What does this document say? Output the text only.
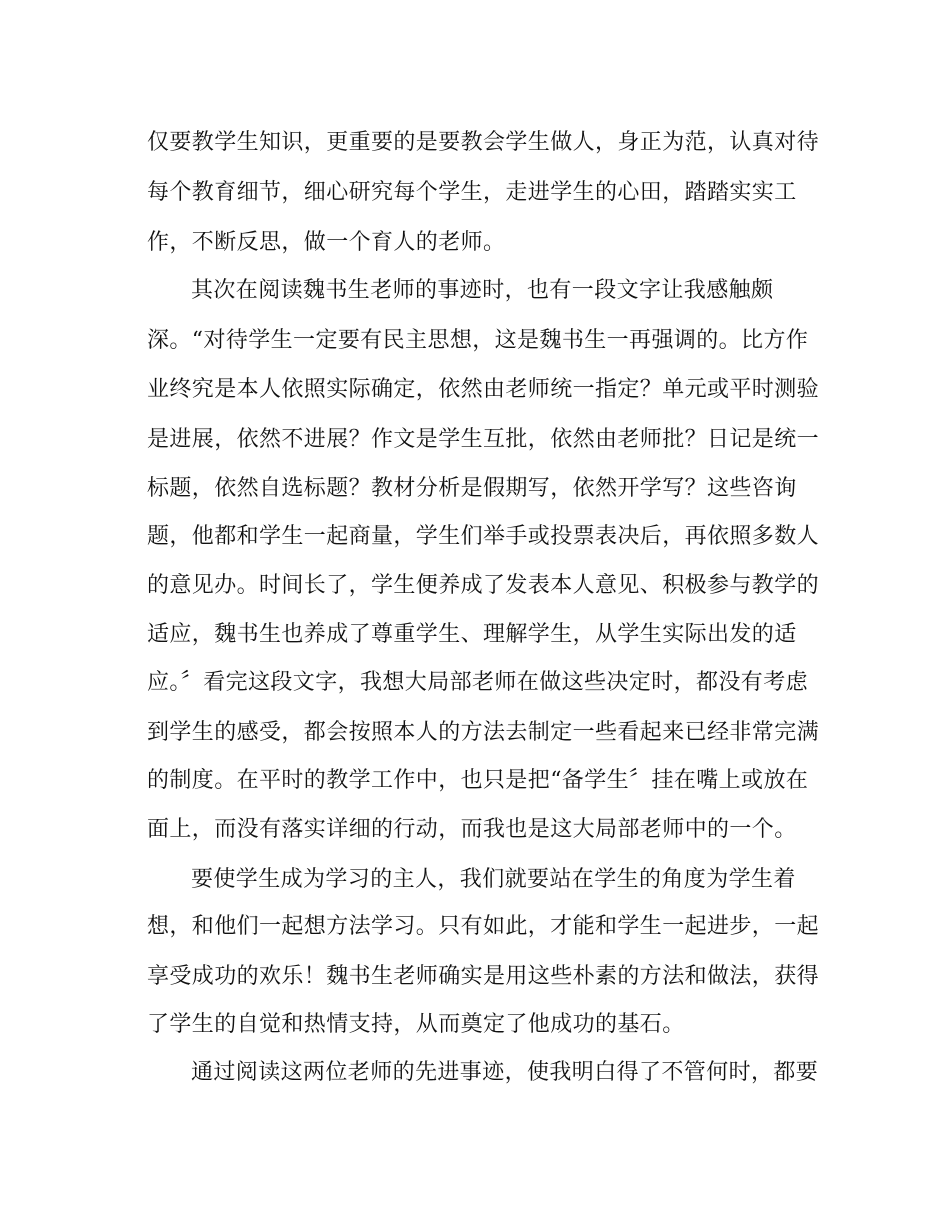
仅要教学生知识，更重要的是要教会学生做人，身正为范，认真对待
每个教育细节，细心研究每个学生，走进学生的心田，踏踏实实工
作，不断反思，做一个育人的老师。
其次在阅读魏书生老师的事迹时，也有一段文字让我感触颇
深。“对待学生一定要有民主思想，这是魏书生一再强调的。比方作
业终究是本人依照实际确定，依然由老师统一指定？单元或平时测验
是进展，依然不进展？作文是学生互批，依然由老师批？日记是统一
标题，依然自选标题？教材分析是假期写，依然开学写？这些咨询
题，他都和学生一起商量，学生们举手或投票表决后，再依照多数人
的意见办。时间长了，学生便养成了发表本人意见、积极参与教学的
适应，魏书生也养成了尊重学生、理解学生，从学生实际出发的适
应。〞看完这段文字，我想大局部老师在做这些决定时，都没有考虑
到学生的感受，都会按照本人的方法去制定一些看起来已经非常完满
的制度。在平时的教学工作中，也只是把“备学生〞挂在嘴上或放在
面上，而没有落实详细的行动，而我也是这大局部老师中的一个。
要使学生成为学习的主人，我们就要站在学生的角度为学生着
想，和他们一起想方法学习。只有如此，才能和学生一起进步，一起
享受成功的欢乐！魏书生老师确实是用这些朴素的方法和做法，获得
了学生的自觉和热情支持，从而奠定了他成功的基石。
通过阅读这两位老师的先进事迹，使我明白得了不管何时，都要
